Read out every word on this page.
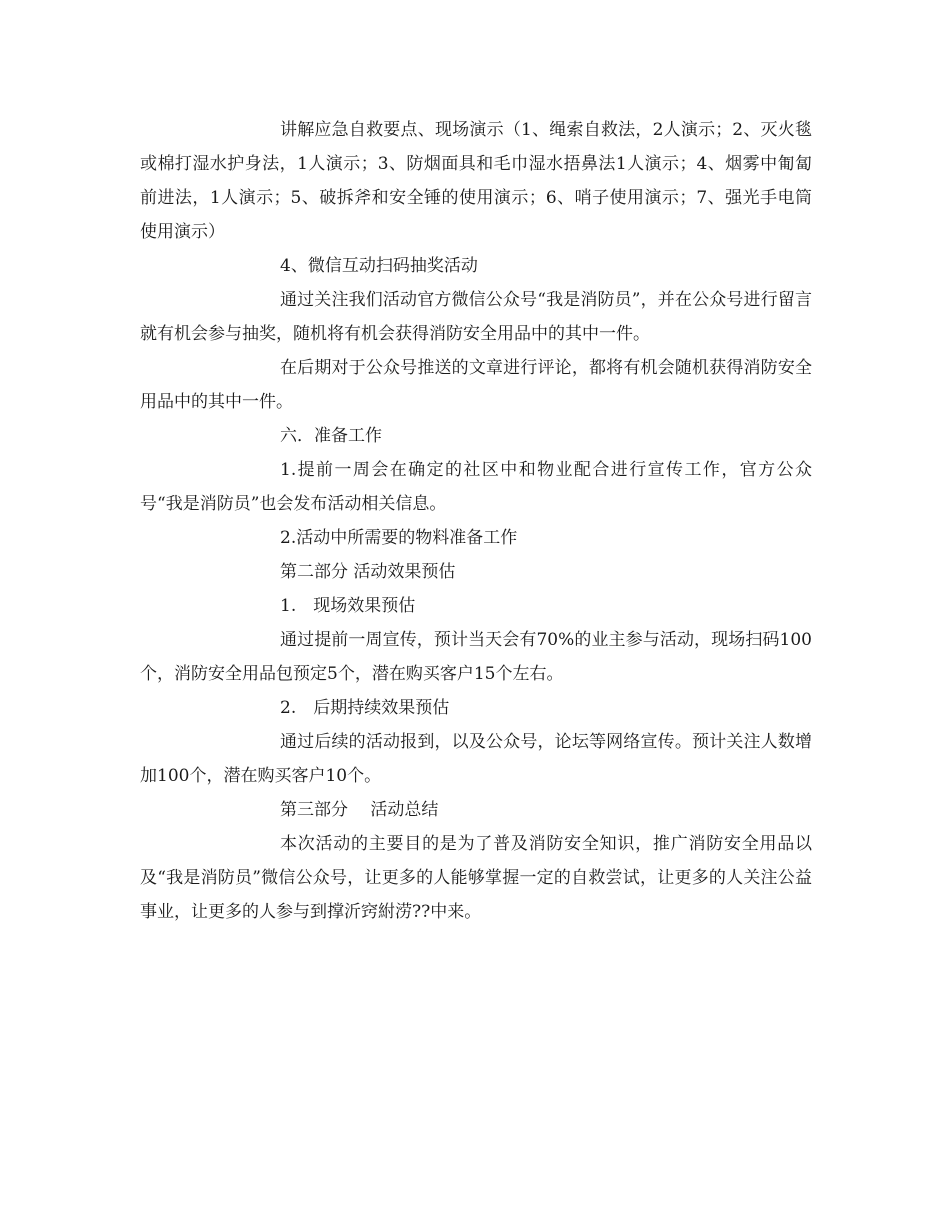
讲解应急自救要点、现场演示（1、绳索自救法，2人演示；2、灭火毯或棉打湿水护身法，1人演示；3、防烟面具和毛巾湿水捂鼻法1人演示；4、烟雾中匍匐前进法，1人演示；5、破拆斧和安全锤的使用演示；6、哨子使用演示；7、强光手电筒使用演示）

4、微信互动扫码抽奖活动

通过关注我们活动官方微信公众号“我是消防员”，并在公众号进行留言就有机会参与抽奖，随机将有机会获得消防安全用品中的其中一件。

在后期对于公众号推送的文章进行评论，都将有机会随机获得消防安全用品中的其中一件。

六．准备工作

1.提前一周会在确定的社区中和物业配合进行宣传工作，官方公众号“我是消防员”也会发布活动相关信息。

2.活动中所需要的物料准备工作

第二部分 活动效果预估

1.　现场效果预估

通过提前一周宣传，预计当天会有70%的业主参与活动，现场扫码100个，消防安全用品包预定5个，潜在购买客户15个左右。

2.　后期持续效果预估

通过后续的活动报到，以及公众号，论坛等网络宣传。预计关注人数增加100个，潜在购买客户10个。

第三部分　 活动总结

本次活动的主要目的是为了普及消防安全知识，推广消防安全用品以及“我是消防员”微信公众号，让更多的人能够掌握一定的自救尝试，让更多的人关注公益事业，让更多的人参与到撑沂窍紨涝??中来。
